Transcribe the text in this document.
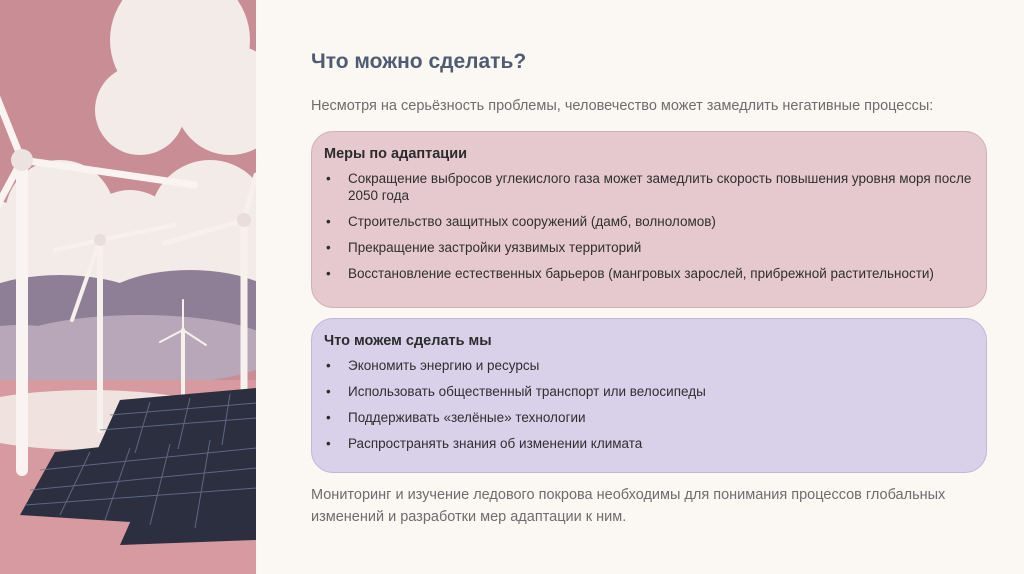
Что можно сделать?

Несмотря на серьёзность проблемы, человечество может замедлить негативные процессы:

Меры по адаптации

• Сокращение выбросов углекислого газа может замедлить скорость повышения уровня моря после 2050 года
• Строительство защитных сооружений (дамб, волноломов)
• Прекращение застройки уязвимых территорий
• Восстановление естественных барьеров (мангровых зарослей, прибрежной растительности)

Что можем сделать мы

• Экономить энергию и ресурсы
• Использовать общественный транспорт или велосипеды
• Поддерживать «зелёные» технологии
• Распространять знания об изменении климата

Мониторинг и изучение ледового покрова необходимы для понимания процессов глобальных изменений и разработки мер адаптации к ним.
